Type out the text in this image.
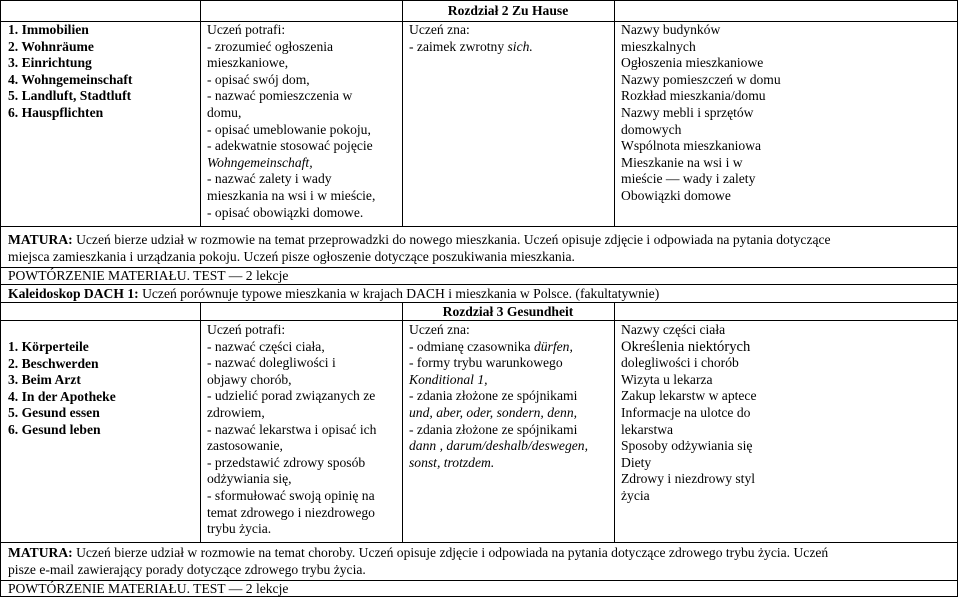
Rozdział 2 Zu Hause
1. Immobilien
2. Wohnräume
3. Einrichtung
4. Wohngemeinschaft
5. Landluft, Stadtluft
6. Hauspflichten
Uczeń potrafi:
- zrozumieć ogłoszenia
mieszkaniowe,
- opisać swój dom,
- nazwać pomieszczenia w
domu,
- opisać umeblowanie pokoju,
- adekwatnie stosować pojęcie
Wohngemeinschaft,
- nazwać zalety i wady
mieszkania na wsi i w mieście,
- opisać obowiązki domowe.
Uczeń zna:
- zaimek zwrotny sich.
Nazwy budynków
mieszkalnych
Ogłoszenia mieszkaniowe
Nazwy pomieszczeń w domu
Rozkład mieszkania/domu
Nazwy mebli i sprzętów
domowych
Wspólnota mieszkaniowa
Mieszkanie na wsi i w
mieście — wady i zalety
Obowiązki domowe
MATURA: Uczeń bierze udział w rozmowie na temat przeprowadzki do nowego mieszkania. Uczeń opisuje zdjęcie i odpowiada na pytania dotyczące
miejsca zamieszkania i urządzania pokoju. Uczeń pisze ogłoszenie dotyczące poszukiwania mieszkania.
POWTÓRZENIE MATERIAŁU. TEST — 2 lekcje
Kaleidoskop DACH 1: Uczeń porównuje typowe mieszkania w krajach DACH i mieszkania w Polsce. (fakultatywnie)
Rozdział 3 Gesundheit
1. Körperteile
2. Beschwerden
3. Beim Arzt
4. In der Apotheke
5. Gesund essen
6. Gesund leben
Uczeń potrafi:
- nazwać części ciała,
- nazwać dolegliwości i
objawy chorób,
- udzielić porad związanych ze
zdrowiem,
- nazwać lekarstwa i opisać ich
zastosowanie,
- przedstawić zdrowy sposób
odżywiania się,
- sformułować swoją opinię na
temat zdrowego i niezdrowego
trybu życia.
Uczeń zna:
- odmianę czasownika dürfen,
- formy trybu warunkowego
Konditional 1,
- zdania złożone ze spójnikami
und, aber, oder, sondern, denn,
- zdania złożone ze spójnikami
dann , darum/deshalb/deswegen,
sonst, trotzdem.
Nazwy części ciała
Określenia niektórych
dolegliwości i chorób
Wizyta u lekarza
Zakup lekarstw w aptece
Informacje na ulotce do
lekarstwa
Sposoby odżywiania się
Diety
Zdrowy i niezdrowy styl
życia
MATURA: Uczeń bierze udział w rozmowie na temat choroby. Uczeń opisuje zdjęcie i odpowiada na pytania dotyczące zdrowego trybu życia. Uczeń
pisze e-mail zawierający porady dotyczące zdrowego trybu życia.
POWTÓRZENIE MATERIAŁU. TEST — 2 lekcje
